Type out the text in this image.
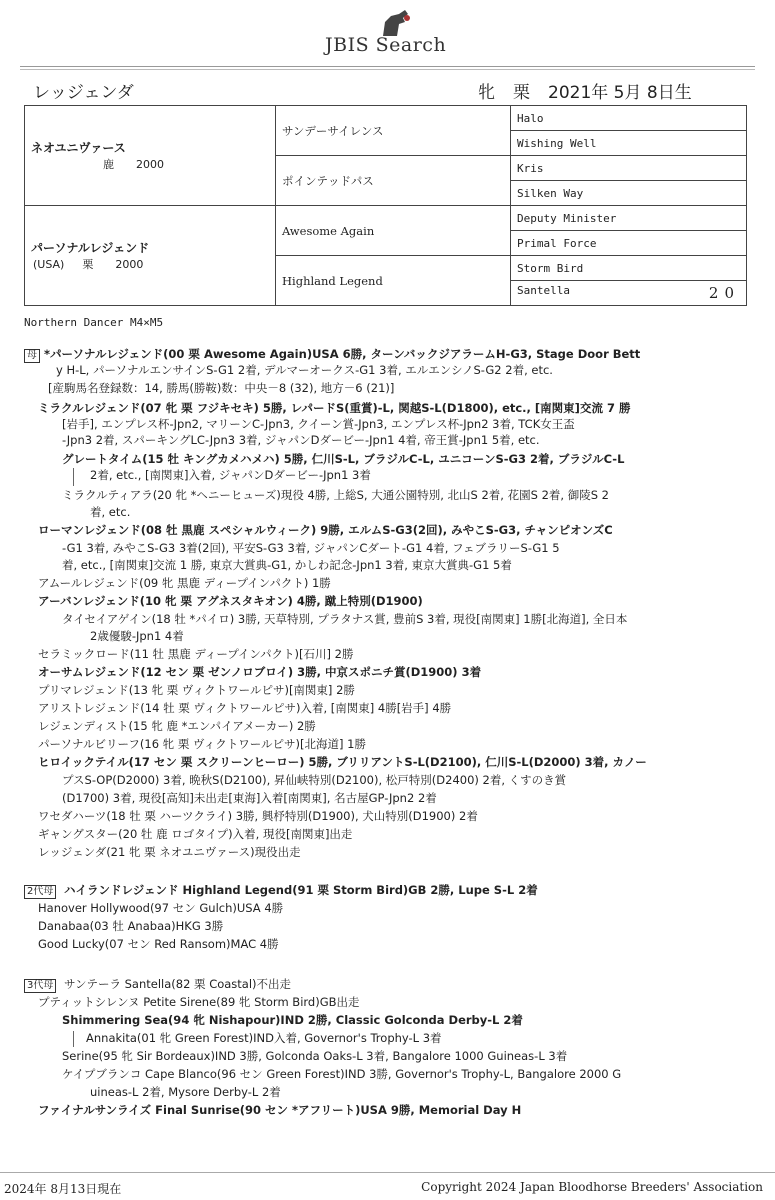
JBIS Search
レッジェンダ	牝 栗 2021年 5月 8日生
ネオユニヴァース
鹿 2000	サンデーサイレンス	Halo
		Wishing Well
	ポインテッドパス	Kris
		Silken Way

パーソナルレジェンド
(USA) 栗 2000	Awesome Again	Deputy Minister
		Primal Force
	Highland Legend	Storm Bird
		Santella 20
Northern Dancer M4×M5
母 *パーソナルレジェンド(00 栗 Awesome Again)USA 6勝, ターンバックジアラームH-G3, Stage Door Bett
y H-L, パーソナルエンサインS-G1 2着, デルマーオークス-G1 3着, エルエンシノS-G2 2着, etc.
[産駒馬名登録数：14, 勝馬(勝鞍)数：中央－8 (32), 地方－6 (21)]
ミラクルレジェンド(07 牝 栗 フジキセキ) 5勝, レパードS(重賞)-L, 関越S-L(D1800), etc., [南関東]交流 7 勝
[岩手], エンプレス杯-Jpn2, マリーンC-Jpn3, クイーン賞-Jpn3, エンプレス杯-Jpn2 3着, TCK女王盃
-Jpn3 2着, スパーキングLC-Jpn3 3着, ジャパンDダービー-Jpn1 4着, 帝王賞-Jpn1 5着, etc.
グレートタイム(15 牡 キングカメハメハ) 5勝, 仁川S-L, ブラジルC-L, ユニコーンS-G3 2着, ブラジルC-L
2着, etc., [南関東]入着, ジャパンDダービー-Jpn1 3着
ミラクルティアラ(20 牝 *ヘニーヒューズ)現役 4勝, 上総S, 大通公園特別, 北山S 2着, 花園S 2着, 御陵S 2
着, etc.
ローマンレジェンド(08 牡 黒鹿 スペシャルウィーク) 9勝, エルムS-G3(2回), みやこS-G3, チャンピオンズC
-G1 3着, みやこS-G3 3着(2回), 平安S-G3 3着, ジャパンCダート-G1 4着, フェブラリーS-G1 5
着, etc., [南関東]交流 1 勝, 東京大賞典-G1, かしわ記念-Jpn1 3着, 東京大賞典-G1 5着
アムールレジェンド(09 牝 黒鹿 ディープインパクト) 1勝
アーバンレジェンド(10 牝 栗 アグネスタキオン) 4勝, 蹴上特別(D1900)
タイセイアゲイン(18 牡 *パイロ) 3勝, 天草特別, プラタナス賞, 豊前S 3着, 現役[南関東] 1勝[北海道], 全日本
2歳優駿-Jpn1 4着
セラミックロード(11 牡 黒鹿 ディープインパクト)[石川] 2勝
オーサムレジェンド(12 セン 栗 ゼンノロブロイ) 3勝, 中京スポニチ賞(D1900) 3着
プリマレジェンド(13 牝 栗 ヴィクトワールピサ)[南関東] 2勝
アリストレジェンド(14 牡 栗 ヴィクトワールピサ)入着, [南関東] 4勝[岩手] 4勝
レジェンディスト(15 牝 鹿 *エンパイアメーカー) 2勝
パーソナルビリーフ(16 牝 栗 ヴィクトワールピサ)[北海道] 1勝
ヒロイックテイル(17 セン 栗 スクリーンヒーロー) 5勝, ブリリアントS-L(D2100), 仁川S-L(D2000) 3着, カノー
プスS-OP(D2000) 3着, 晩秋S(D2100), 昇仙峡特別(D2100), 松戸特別(D2400) 2着, くすのき賞
(D1700) 3着, 現役[高知]未出走[東海]入着[南関東], 名古屋GP-Jpn2 2着
ワセダハーツ(18 牡 栗 ハーツクライ) 3勝, 興杼特別(D1900), 犬山特別(D1900) 2着
ギャングスター(20 牡 鹿 ロゴタイプ)入着, 現役[南関東]出走
レッジェンダ(21 牝 栗 ネオユニヴァース)現役出走
2代母 ハイランドレジェンド Highland Legend(91 栗 Storm Bird)GB 2勝, Lupe S-L 2着
Hanover Hollywood(97 セン Gulch)USA 4勝
Danabaa(03 牡 Anabaa)HKG 3勝
Good Lucky(07 セン Red Ransom)MAC 4勝
3代母 サンテーラ Santella(82 栗 Coastal)不出走
プティットシレンヌ Petite Sirene(89 牝 Storm Bird)GB出走
Shimmering Sea(94 牝 Nishapour)IND 2勝, Classic Golconda Derby-L 2着
Annakita(01 牝 Green Forest)IND入着, Governor's Trophy-L 3着
Serine(95 牝 Sir Bordeaux)IND 3勝, Golconda Oaks-L 3着, Bangalore 1000 Guineas-L 3着
ケイプブランコ Cape Blanco(96 セン Green Forest)IND 3勝, Governor's Trophy-L, Bangalore 2000 G
uineas-L 2着, Mysore Derby-L 2着
ファイナルサンライズ Final Sunrise(90 セン *アフリート)USA 9勝, Memorial Day H
2024年 8月13日現在	Copyright 2024 Japan Bloodhorse Breeders' Association
